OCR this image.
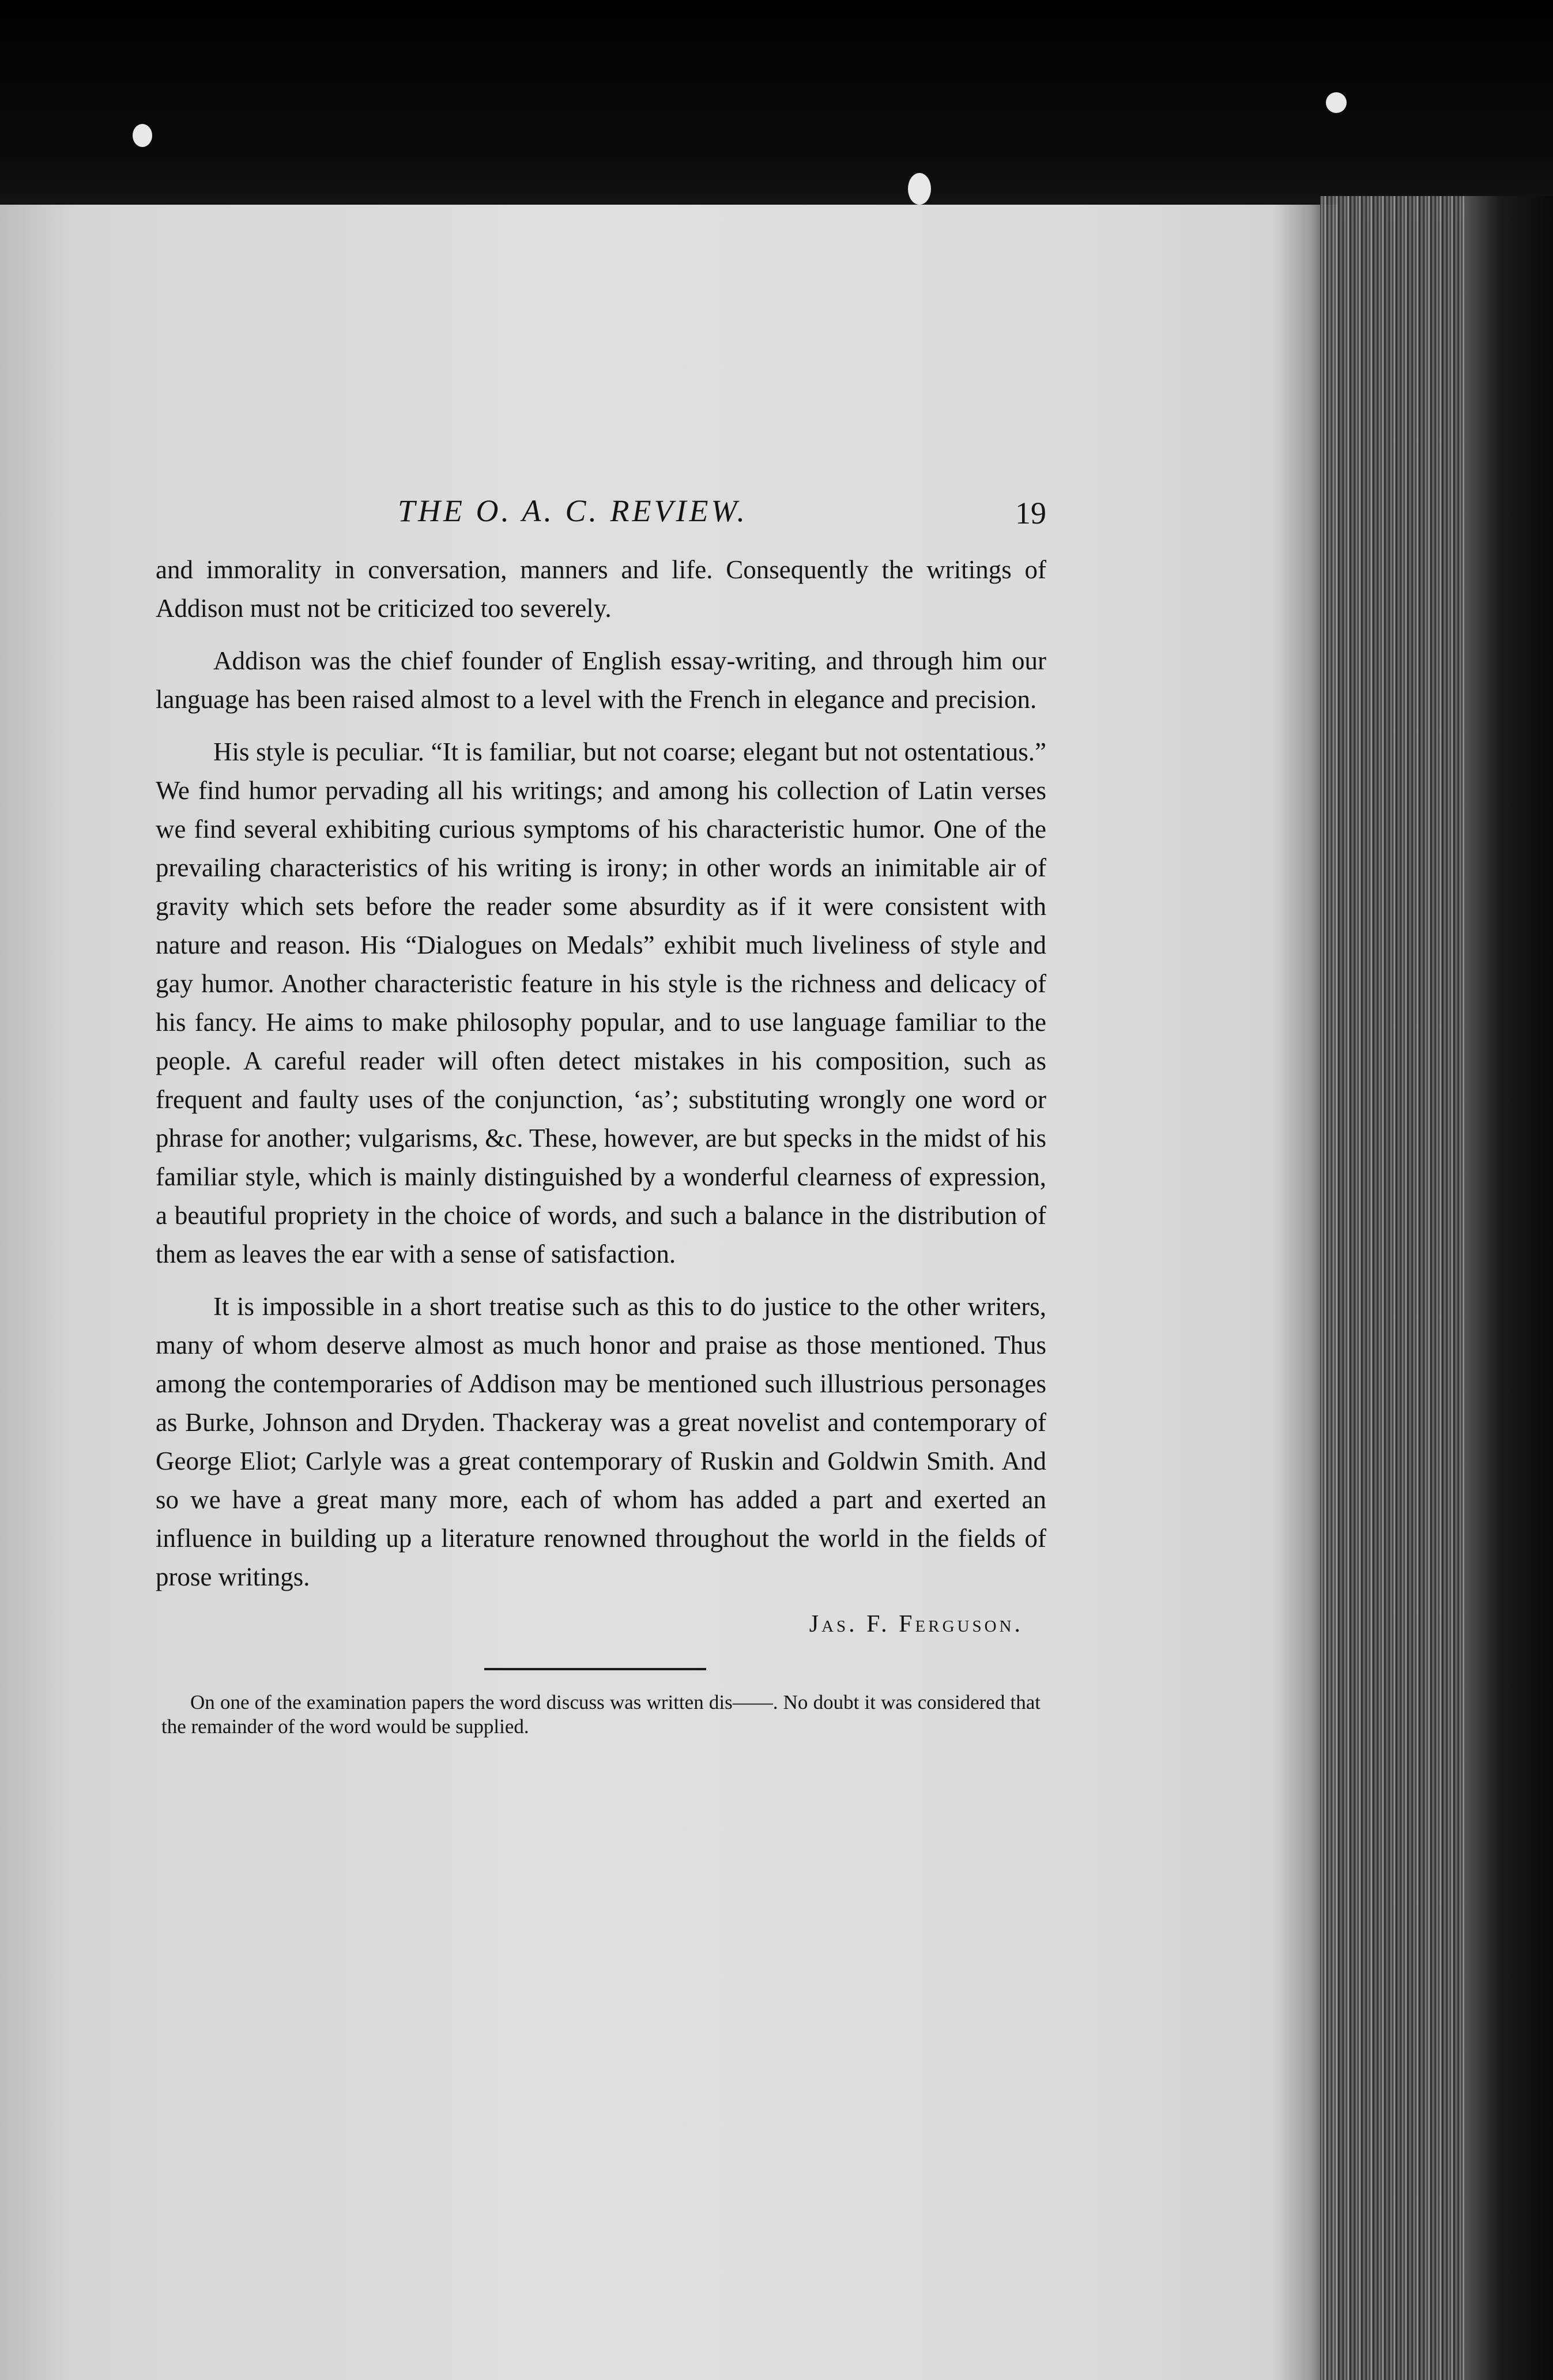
THE O. A. C. REVIEW.	19

and immorality in conversation, manners and life. Consequently the writings of Addison must not be criticized too severely.

Addison was the chief founder of English essay-writing, and through him our language has been raised almost to a level with the French in elegance and precision.

His style is peculiar. “It is familiar, but not coarse; elegant but not ostentatious.” We find humor pervading all his writings; and among his collection of Latin verses we find several exhibiting curious symptoms of his characteristic humor. One of the prevailing characteristics of his writing is irony; in other words an inimitable air of gravity which sets before the reader some absurdity as if it were consistent with nature and reason. His “Dialogues on Medals” exhibit much liveliness of style and gay humor. Another characteristic feature in his style is the richness and delicacy of his fancy. He aims to make philosophy popular, and to use language familiar to the people. A careful reader will often detect mistakes in his composition, such as frequent and faulty uses of the conjunction, ‘as’; substituting wrongly one word or phrase for another; vulgarisms, &c. These, however, are but specks in the midst of his familiar style, which is mainly distinguished by a wonderful clearness of expression, a beautiful propriety in the choice of words, and such a balance in the distribution of them as leaves the ear with a sense of satisfaction.

It is impossible in a short treatise such as this to do justice to the other writers, many of whom deserve almost as much honor and praise as those mentioned. Thus among the contemporaries of Addison may be mentioned such illustrious personages as Burke, Johnson and Dryden. Thackeray was a great novelist and contemporary of George Eliot; Carlyle was a great contemporary of Ruskin and Goldwin Smith. And so we have a great many more, each of whom has added a part and exerted an influence in building up a literature renowned throughout the world in the fields of prose writings.

Jas. F. Ferguson.

On one of the examination papers the word discuss was written dis——. No doubt it was considered that the remainder of the word would be supplied.
